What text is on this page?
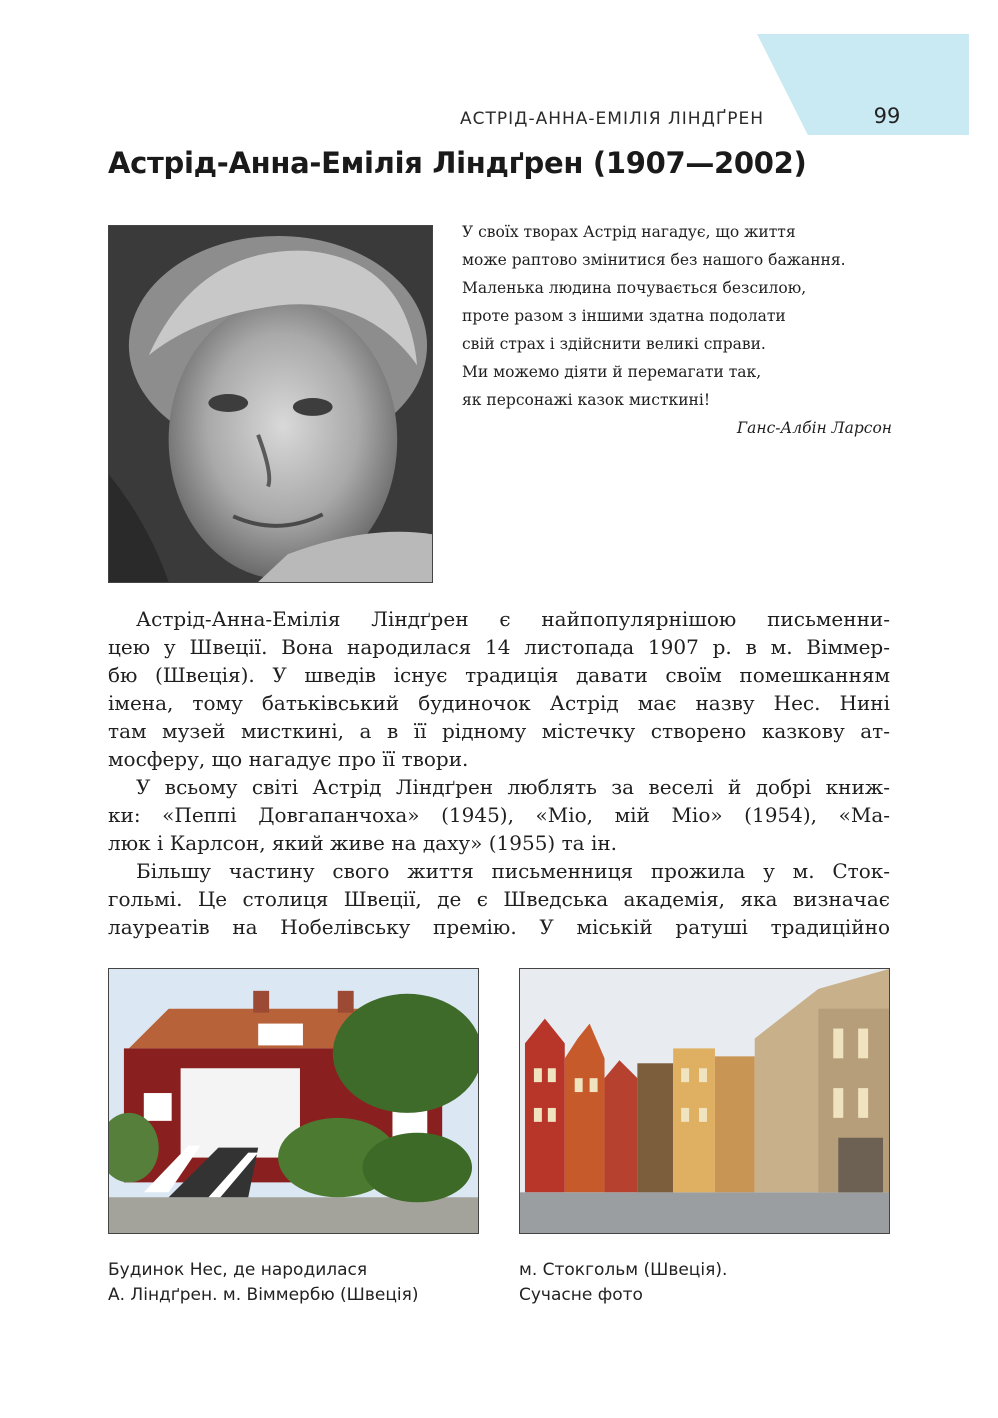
АСТРІД-АННА-ЕМІЛІЯ ЛІНДҐРЕН	99
Астрід-Анна-Емілія Ліндґрен (1907—2002)
У своїх творах Астрід нагадує, що життя
може раптово змінитися без нашого бажання.
Маленька людина почувається безсилою,
проте разом з іншими здатна подолати
свій страх і здійснити великі справи.
Ми можемо діяти й перемагати так,
як персонажі казок мисткині!
Ганс-Албін Ларсон
Астрід-Анна-Емілія Ліндґрен є найпопулярнішою письменни-
цею у Швеції. Вона народилася 14 листопада 1907 р. в м. Віммер-
бю (Швеція). У шведів існує традиція давати своїм помешканням
імена, тому батьківський будиночок Астрід має назву Нес. Нині
там музей мисткині, а в її рідному містечку створено казкову ат-
мосферу, що нагадує про її твори.
У всьому світі Астрід Ліндґрен люблять за веселі й добрі книж-
ки: «Пеппі Довгапанчоха» (1945), «Міо, мій Міо» (1954), «Ма-
люк і Карлсон, який живе на даху» (1955) та ін.
Більшу частину свого життя письменниця прожила у м. Сток-
гольмі. Це столиця Швеції, де є Шведська академія, яка визначає
лауреатів на Нобелівську премію. У міській ратуші традиційно
Будинок Нес, де народилася
А. Ліндґрен. м. Віммербю (Швеція)
м. Стокгольм (Швеція).
Сучасне фото
